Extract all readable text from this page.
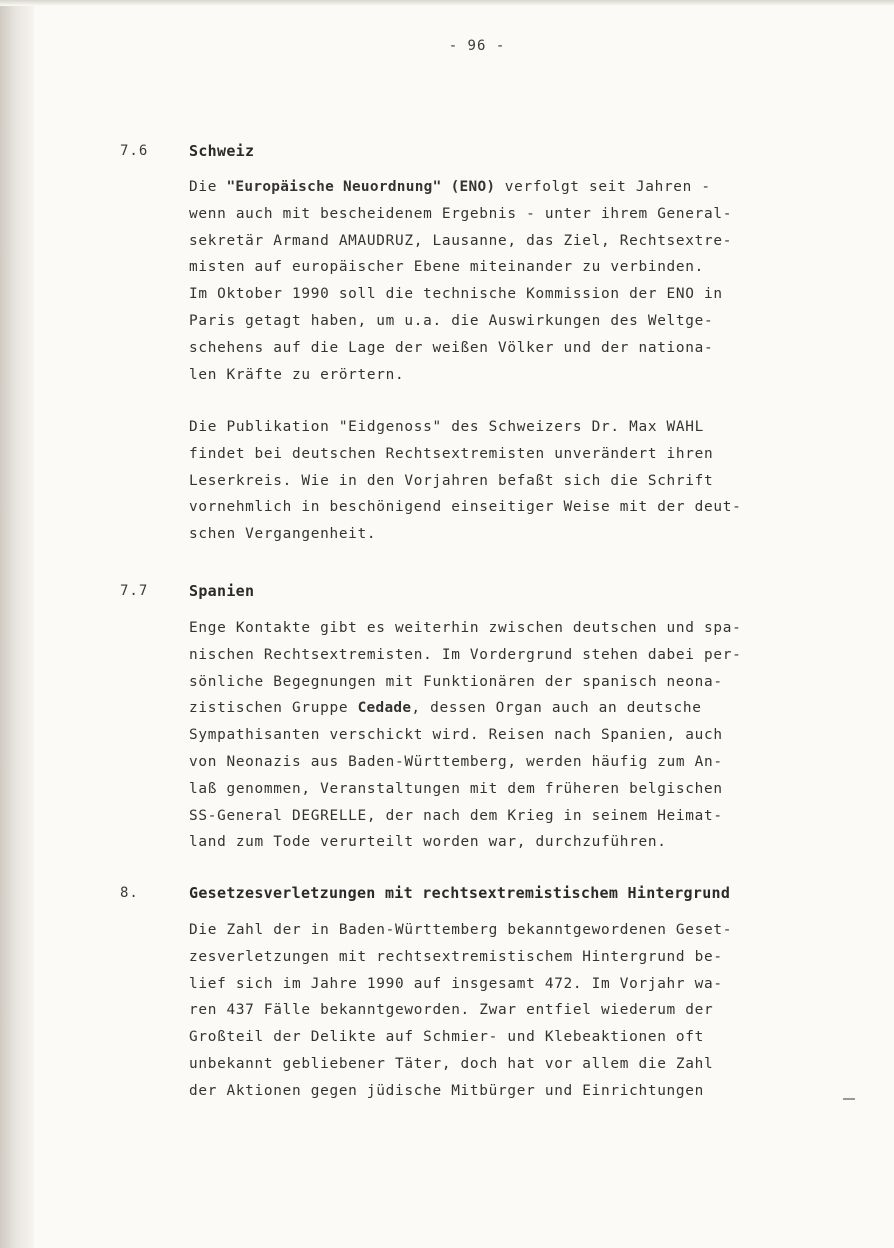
- 96 -
7.6	Schweiz
Die "Europäische Neuordnung" (ENO) verfolgt seit Jahren -
wenn auch mit bescheidenem Ergebnis - unter ihrem General-
sekretär Armand AMAUDRUZ, Lausanne, das Ziel, Rechtsextre-
misten auf europäischer Ebene miteinander zu verbinden.
Im Oktober 1990 soll die technische Kommission der ENO in
Paris getagt haben, um u.a. die Auswirkungen des Weltge-
schehens auf die Lage der weißen Völker und der nationa-
len Kräfte zu erörtern.
Die Publikation "Eidgenoss" des Schweizers Dr. Max WAHL
findet bei deutschen Rechtsextremisten unverändert ihren
Leserkreis. Wie in den Vorjahren befaßt sich die Schrift
vornehmlich in beschönigend einseitiger Weise mit der deut-
schen Vergangenheit.
7.7	Spanien
Enge Kontakte gibt es weiterhin zwischen deutschen und spa-
nischen Rechtsextremisten. Im Vordergrund stehen dabei per-
sönliche Begegnungen mit Funktionären der spanisch neona-
zistischen Gruppe Cedade, dessen Organ auch an deutsche
Sympathisanten verschickt wird. Reisen nach Spanien, auch
von Neonazis aus Baden-Württemberg, werden häufig zum An-
laß genommen, Veranstaltungen mit dem früheren belgischen
SS-General DEGRELLE, der nach dem Krieg in seinem Heimat-
land zum Tode verurteilt worden war, durchzuführen.
8.	Gesetzesverletzungen mit rechtsextremistischem Hintergrund
Die Zahl der in Baden-Württemberg bekanntgewordenen Geset-
zesverletzungen mit rechtsextremistischem Hintergrund be-
lief sich im Jahre 1990 auf insgesamt 472. Im Vorjahr wa-
ren 437 Fälle bekanntgeworden. Zwar entfiel wiederum der
Großteil der Delikte auf Schmier- und Klebeaktionen oft
unbekannt gebliebener Täter, doch hat vor allem die Zahl
der Aktionen gegen jüdische Mitbürger und Einrichtungen
